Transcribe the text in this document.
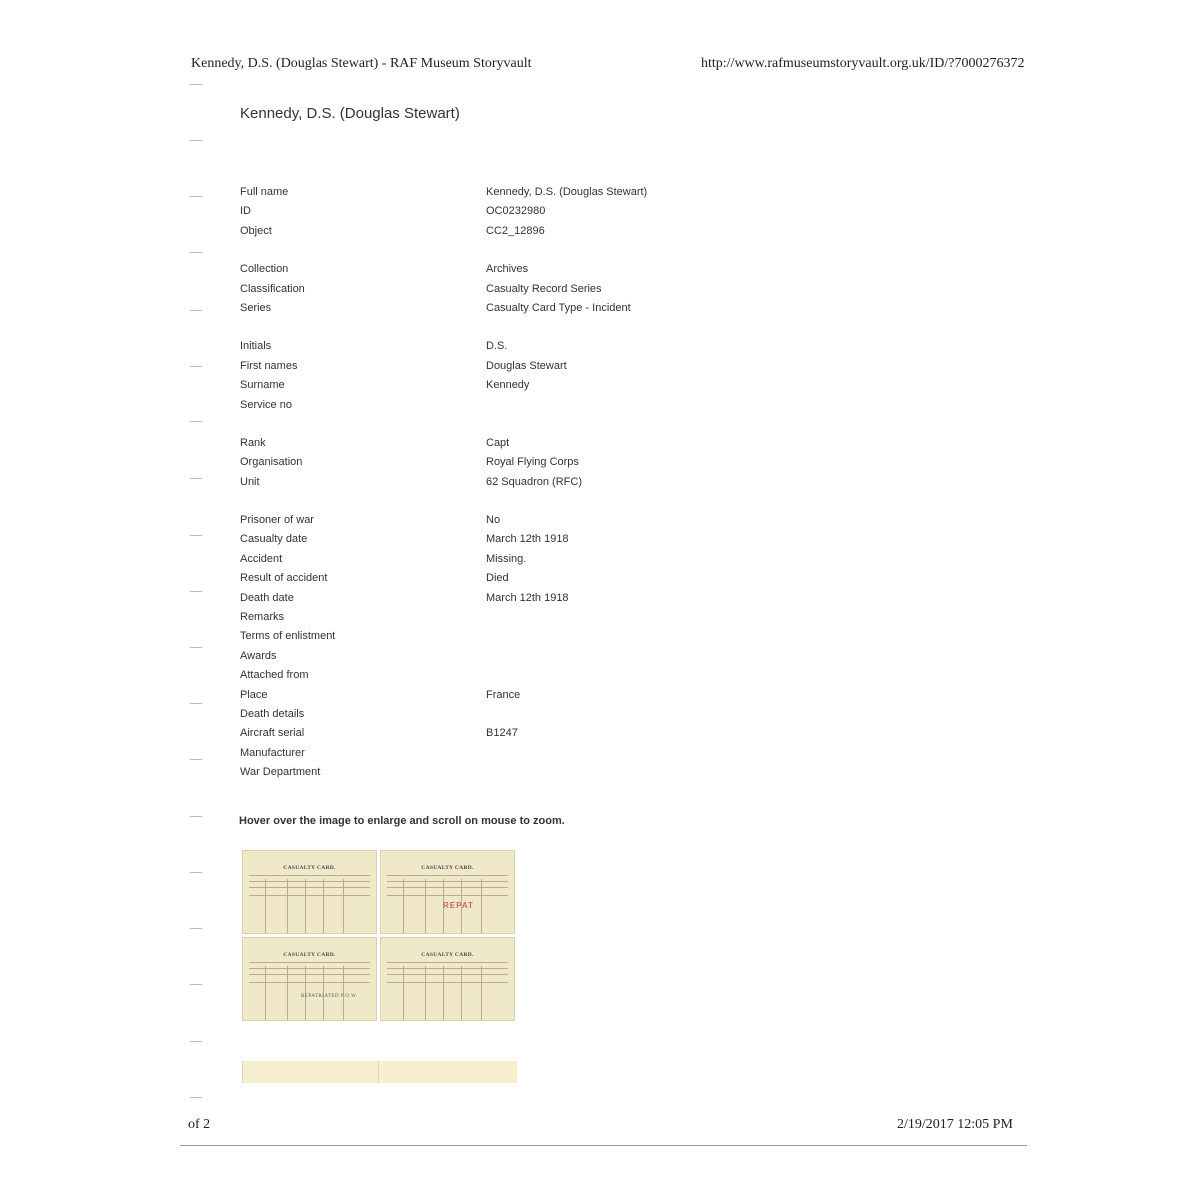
Kennedy, D.S. (Douglas Stewart) - RAF Museum Storyvault	http://www.rafmuseumstoryvault.org.uk/ID/?7000276372
Kennedy, D.S. (Douglas Stewart)
Full name	Kennedy, D.S. (Douglas Stewart)
ID	OC0232980
Object	CC2_12896
Collection	Archives
Classification	Casualty Record Series
Series	Casualty Card Type - Incident
Initials	D.S.
First names	Douglas Stewart
Surname	Kennedy
Service no
Rank	Capt
Organisation	Royal Flying Corps
Unit	62 Squadron (RFC)
Prisoner of war	No
Casualty date	March 12th 1918
Accident	Missing.
Result of accident	Died
Death date	March 12th 1918
Remarks
Terms of enlistment
Awards
Attached from
Place	France
Death details
Aircraft serial	B1247
Manufacturer
War Department
Hover over the image to enlarge and scroll on mouse to zoom.
CASUALTY CARD.	CASUALTY CARD.
REPAT
CASUALTY CARD.
REPATRIATED P.O.W.
CASUALTY CARD.
of 2	2/19/2017 12:05 PM
